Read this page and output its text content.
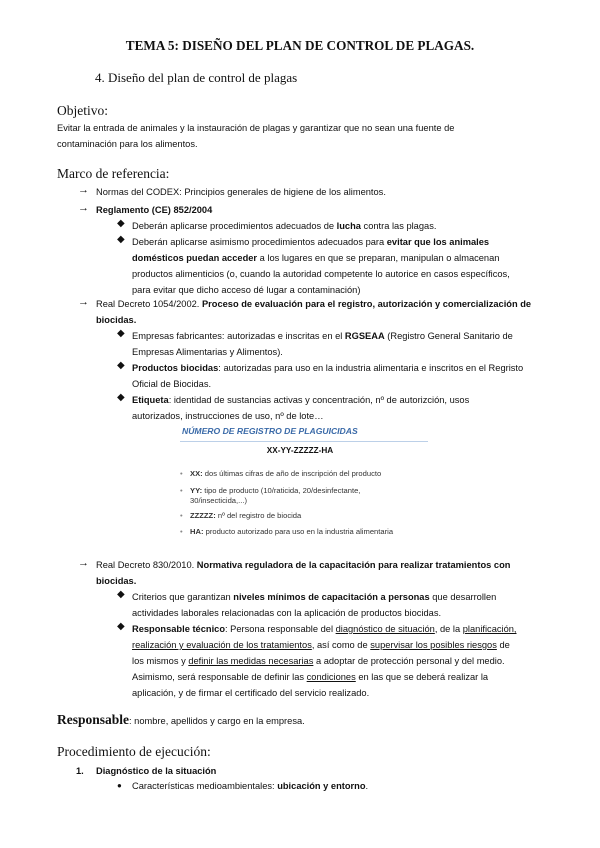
TEMA 5: DISEÑO DEL PLAN DE CONTROL DE PLAGAS.
4. Diseño del plan de control de plagas
Objetivo:
Evitar la entrada de animales y la instauración de plagas y garantizar que no sean una fuente de
contaminación para los alimentos.
Marco de referencia:
→ Normas del CODEX: Principios generales de higiene de los alimentos.
→ Reglamento (CE) 852/2004
◆ Deberán aplicarse procedimientos adecuados de lucha contra las plagas.
◆ Deberán aplicarse asimismo procedimientos adecuados para evitar que los animales
domésticos puedan acceder a los lugares en que se preparan, manipulan o almacenan
productos alimenticios (o, cuando la autoridad competente lo autorice en casos específicos,
para evitar que dicho acceso dé lugar a contaminación)
→ Real Decreto 1054/2002. Proceso de evaluación para el registro, autorización y comercialización de
biocidas.
◆ Empresas fabricantes: autorizadas e inscritas en el RGSEAA (Registro General Sanitario de
Empresas Alimentarias y Alimentos).
◆ Productos biocidas: autorizadas para uso en la industria alimentaria e inscritos en el Regristo
Oficial de Biocidas.
◆ Etiqueta: identidad de sustancias activas y concentración, nº de autorizción, usos
autorizados, instrucciones de uso, nº de lote…
NÚMERO DE REGISTRO DE PLAGUICIDAS
XX-YY-ZZZZZ-HA
• XX: dos últimas cifras de año de inscripción del producto
• YY: tipo de producto (10/raticida, 20/desinfectante,
30/insecticida,...)
• ZZZZZ: nº del registro de biocida
• HA: producto autorizado para uso en la industria alimentaria
→ Real Decreto 830/2010. Normativa reguladora de la capacitación para realizar tratamientos con
biocidas.
◆ Criterios que garantizan niveles mínimos de capacitación a personas que desarrollen
actividades laborales relacionadas con la aplicación de productos biocidas.
◆ Responsable técnico: Persona responsable del diagnóstico de situación, de la planificación,
realización y evaluación de los tratamientos, así como de supervisar los posibles riesgos de
los mismos y definir las medidas necesarias a adoptar de protección personal y del medio.
Asimismo, será responsable de definir las condiciones en las que se deberá realizar la
aplicación, y de firmar el certificado del servicio realizado.
Responsable: nombre, apellidos y cargo en la empresa.
Procedimiento de ejecución:
1. Diagnóstico de la situación
● Características medioambientales: ubicación y entorno.
